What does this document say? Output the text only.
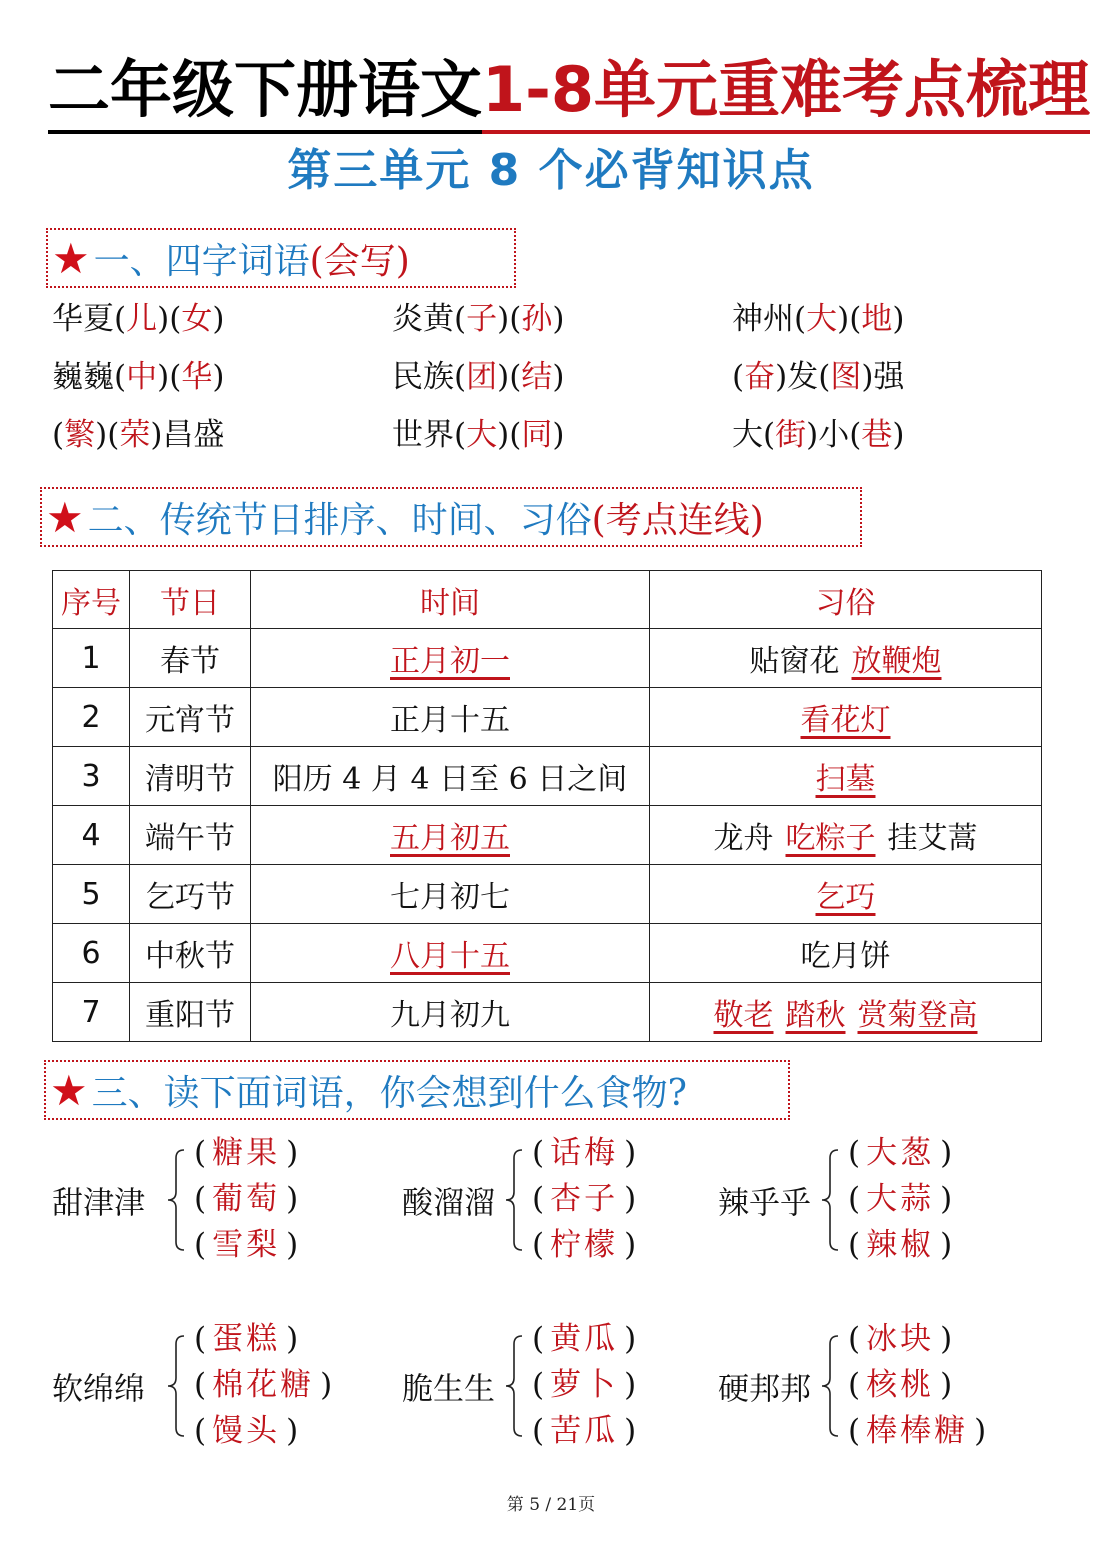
二年级下册语文1-8单元重难考点梳理
第三单元 8 个必背知识点
★ 一、四字词语 (会写)
华夏(儿)(女)	炎黄(子)(孙)	神州(大)(地)
巍巍(中)(华)	民族(团)(结)	(奋)发(图)强
(繁)(荣)昌盛	世界(大)(同)	大(街)小(巷)
★ 二、传统节日排序、时间、习俗 (考点连线)
序号	节日	时间	习俗
1	春节	正月初一	贴窗花 放鞭炮
2	元宵节	正月十五	看花灯
3	清明节	阳历 4 月 4 日至 6 日之间	扫墓
4	端午节	五月初五	龙舟 吃粽子 挂艾蒿
5	乞巧节	七月初七	乞巧
6	中秋节	八月十五	吃月饼
7	重阳节	九月初九	敬老 踏秋 赏菊登高
★ 三、读下面词语，你会想到什么食物?
甜津津
( 糖果 )
( 葡萄 )
( 雪梨 )
酸溜溜
( 话梅 )
( 杏子 )
( 柠檬 )
辣乎乎
( 大葱 )
( 大蒜 )
( 辣椒 )
软绵绵
( 蛋糕 )
( 棉花糖 )
( 馒头 )
脆生生
( 黄瓜 )
( 萝卜 )
( 苦瓜 )
硬邦邦
( 冰块 )
( 核桃 )
( 棒棒糖 )
第 5 / 21页
